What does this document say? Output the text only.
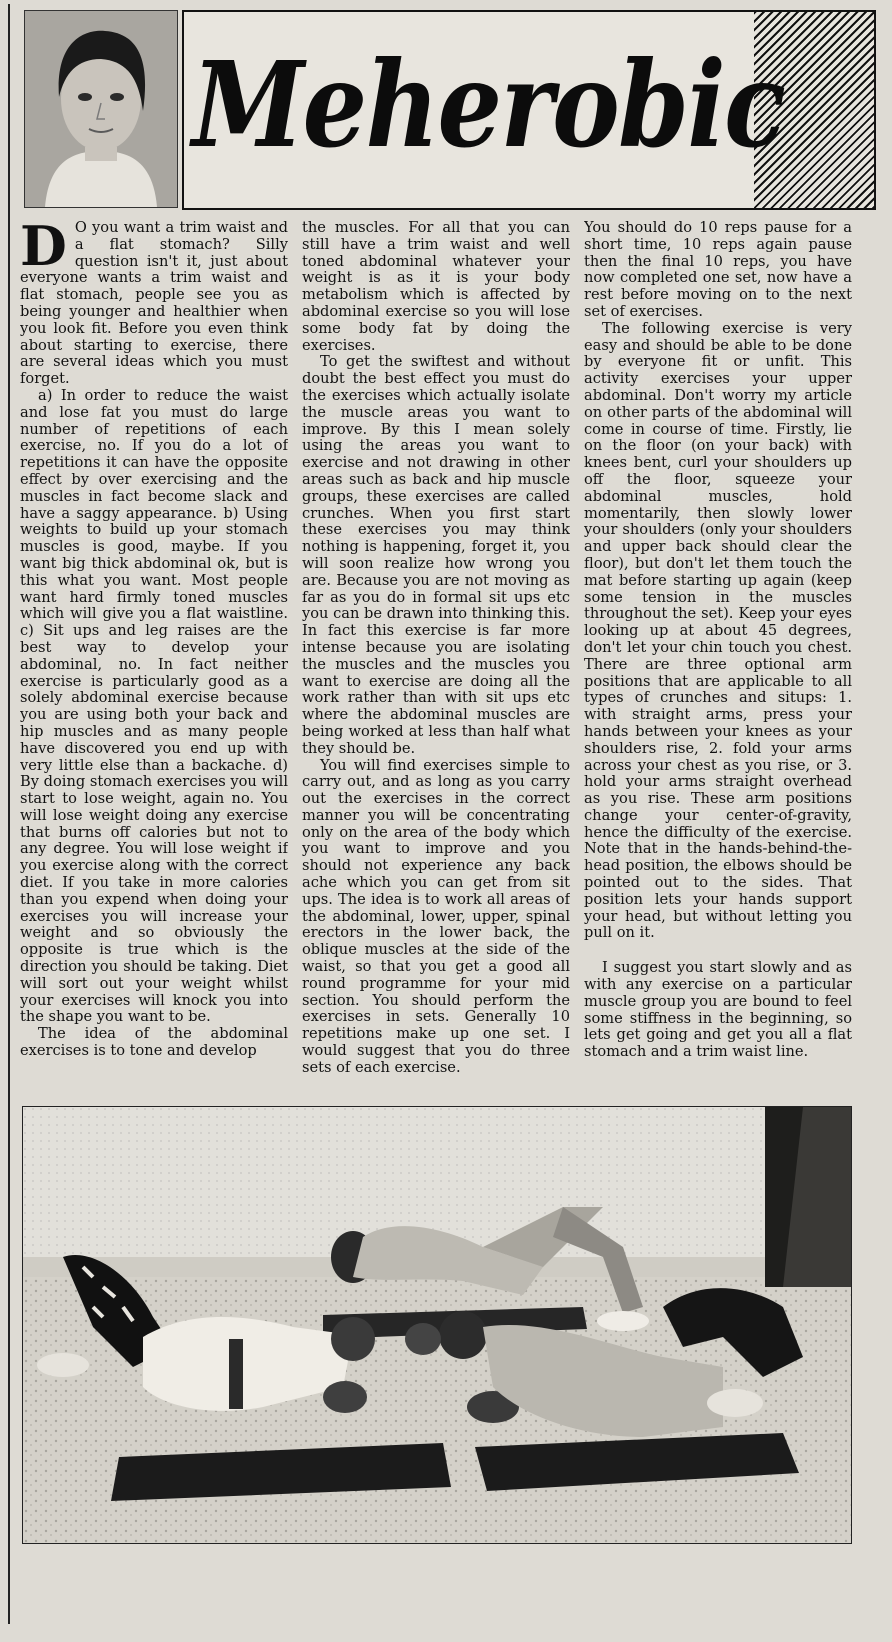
Meherobic

D O you want a trim waist and a flat stomach? Silly question isn't it, just about everyone wants a trim waist and flat stomach, people see you as being younger and healthier when you look fit. Before you even think about starting to exercise, there are several ideas which you must forget.

a) In order to reduce the waist and lose fat you must do large number of repetitions of each exercise, no. If you do a lot of repetitions it can have the opposite effect by over exercising and the muscles in fact become slack and have a saggy appearance. b) Using weights to build up your stomach muscles is good, maybe. If you want big thick abdominal ok, but is this what you want. Most people want hard firmly toned muscles which will give you a flat waistline. c) Sit ups and leg raises are the best way to develop your abdominal, no. In fact neither exercise is particularly good as a solely abdominal exercise because you are using both your back and hip muscles and as many people have discovered you end up with very little else than a backache. d) By doing stomach exercises you will start to lose weight, again no. You will lose weight doing any exercise that burns off calories but not to any degree. You will lose weight if you exercise along with the correct diet. If you take in more calories than you expend when doing your exercises you will increase your weight and so obviously the opposite is true which is the direction you should be taking. Diet will sort out your weight whilst your exercises will knock you into the shape you want to be.

The idea of the abdominal exercises is to tone and develop

the muscles. For all that you can still have a trim waist and well toned abdominal whatever your weight is as it is your body metabolism which is affected by abdominal exercise so you will lose some body fat by doing the exercises.

To get the swiftest and without doubt the best effect you must do the exercises which actually isolate the muscle areas you want to improve. By this I mean solely using the areas you want to exercise and not drawing in other areas such as back and hip muscle groups, these exercises are called crunches. When you first start these exercises you may think nothing is happening, forget it, you will soon realize how wrong you are. Because you are not moving as far as you do in formal sit ups etc you can be drawn into thinking this. In fact this exercise is far more intense because you are isolating the muscles and the muscles you want to exercise are doing all the work rather than with sit ups etc where the abdominal muscles are being worked at less than half what they should be.

You will find exercises simple to carry out, and as long as you carry out the exercises in the correct manner you will be concentrating only on the area of the body which you want to improve and you should not experience any back ache which you can get from sit ups. The idea is to work all areas of the abdominal, lower, upper, spinal erectors in the lower back, the oblique muscles at the side of the waist, so that you get a good all round programme for your mid section. You should perform the exercises in sets. Generally 10 repetitions make up one set. I would suggest that you do three sets of each exercise.

You should do 10 reps pause for a short time, 10 reps again pause then the final 10 reps, you have now completed one set, now have a rest before moving on to the next set of exercises.

The following exercise is very easy and should be able to be done by everyone fit or unfit. This activity exercises your upper abdominal. Don't worry my article on other parts of the abdominal will come in course of time. Firstly, lie on the floor (on your back) with knees bent, curl your shoulders up off the floor, squeeze your abdominal muscles, hold momentarily, then slowly lower your shoulders (only your shoulders and upper back should clear the floor), but don't let them touch the mat before starting up again (keep some tension in the muscles throughout the set). Keep your eyes looking up at about 45 degrees, don't let your chin touch you chest. There are three optional arm positions that are applicable to all types of crunches and situps: 1. with straight arms, press your hands between your knees as your shoulders rise, 2. fold your arms across your chest as you rise, or 3. hold your arms straight overhead as you rise. These arm positions change your center-of-gravity, hence the difficulty of the exercise. Note that in the hands-behind-the-head position, the elbows should be pointed out to the sides. That position lets your hands support your head, but without letting you pull on it.

I suggest you start slowly and as with any exercise on a particular muscle group you are bound to feel some stiffness in the beginning, so lets get going and get you all a flat stomach and a trim waist line.
